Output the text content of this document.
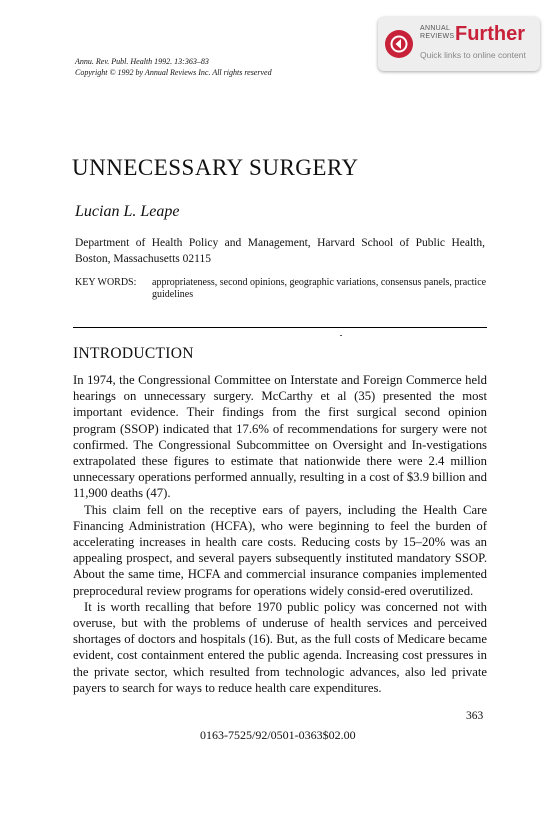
ANNUAL
REVIEWS Further
Quick links to online content
Annu. Rev. Publ. Health 1992. 13:363–83
Copyright © 1992 by Annual Reviews Inc. All rights reserved
UNNECESSARY SURGERY
Lucian L. Leape
Department of Health Policy and Management, Harvard School of Public Health, Boston, Massachusetts 02115
KEY WORDS: appropriateness, second opinions, geographic variations, consensus panels, practice guidelines
INTRODUCTION

In 1974, the Congressional Committee on Interstate and Foreign Commerce held hearings on unnecessary surgery. McCarthy et al (35) presented the most important evidence. Their findings from the first surgical second opinion program (SSOP) indicated that 17.6% of recommendations for surgery were not confirmed. The Congressional Subcommittee on Oversight and In-vestigations extrapolated these figures to estimate that nationwide there were 2.4 million unnecessary operations performed annually, resulting in a cost of $3.9 billion and 11,900 deaths (47).

This claim fell on the receptive ears of payers, including the Health Care Financing Administration (HCFA), who were beginning to feel the burden of accelerating increases in health care costs. Reducing costs by 15–20% was an appealing prospect, and several payers subsequently instituted mandatory SSOP. About the same time, HCFA and commercial insurance companies implemented preprocedural review programs for operations widely consid-ered overutilized.

It is worth recalling that before 1970 public policy was concerned not with overuse, but with the problems of underuse of health services and perceived shortages of doctors and hospitals (16). But, as the full costs of Medicare became evident, cost containment entered the public agenda. Increasing cost pressures in the private sector, which resulted from technologic advances, also led private payers to search for ways to reduce health care expenditures.

363
0163-7525/92/0501-0363$02.00
